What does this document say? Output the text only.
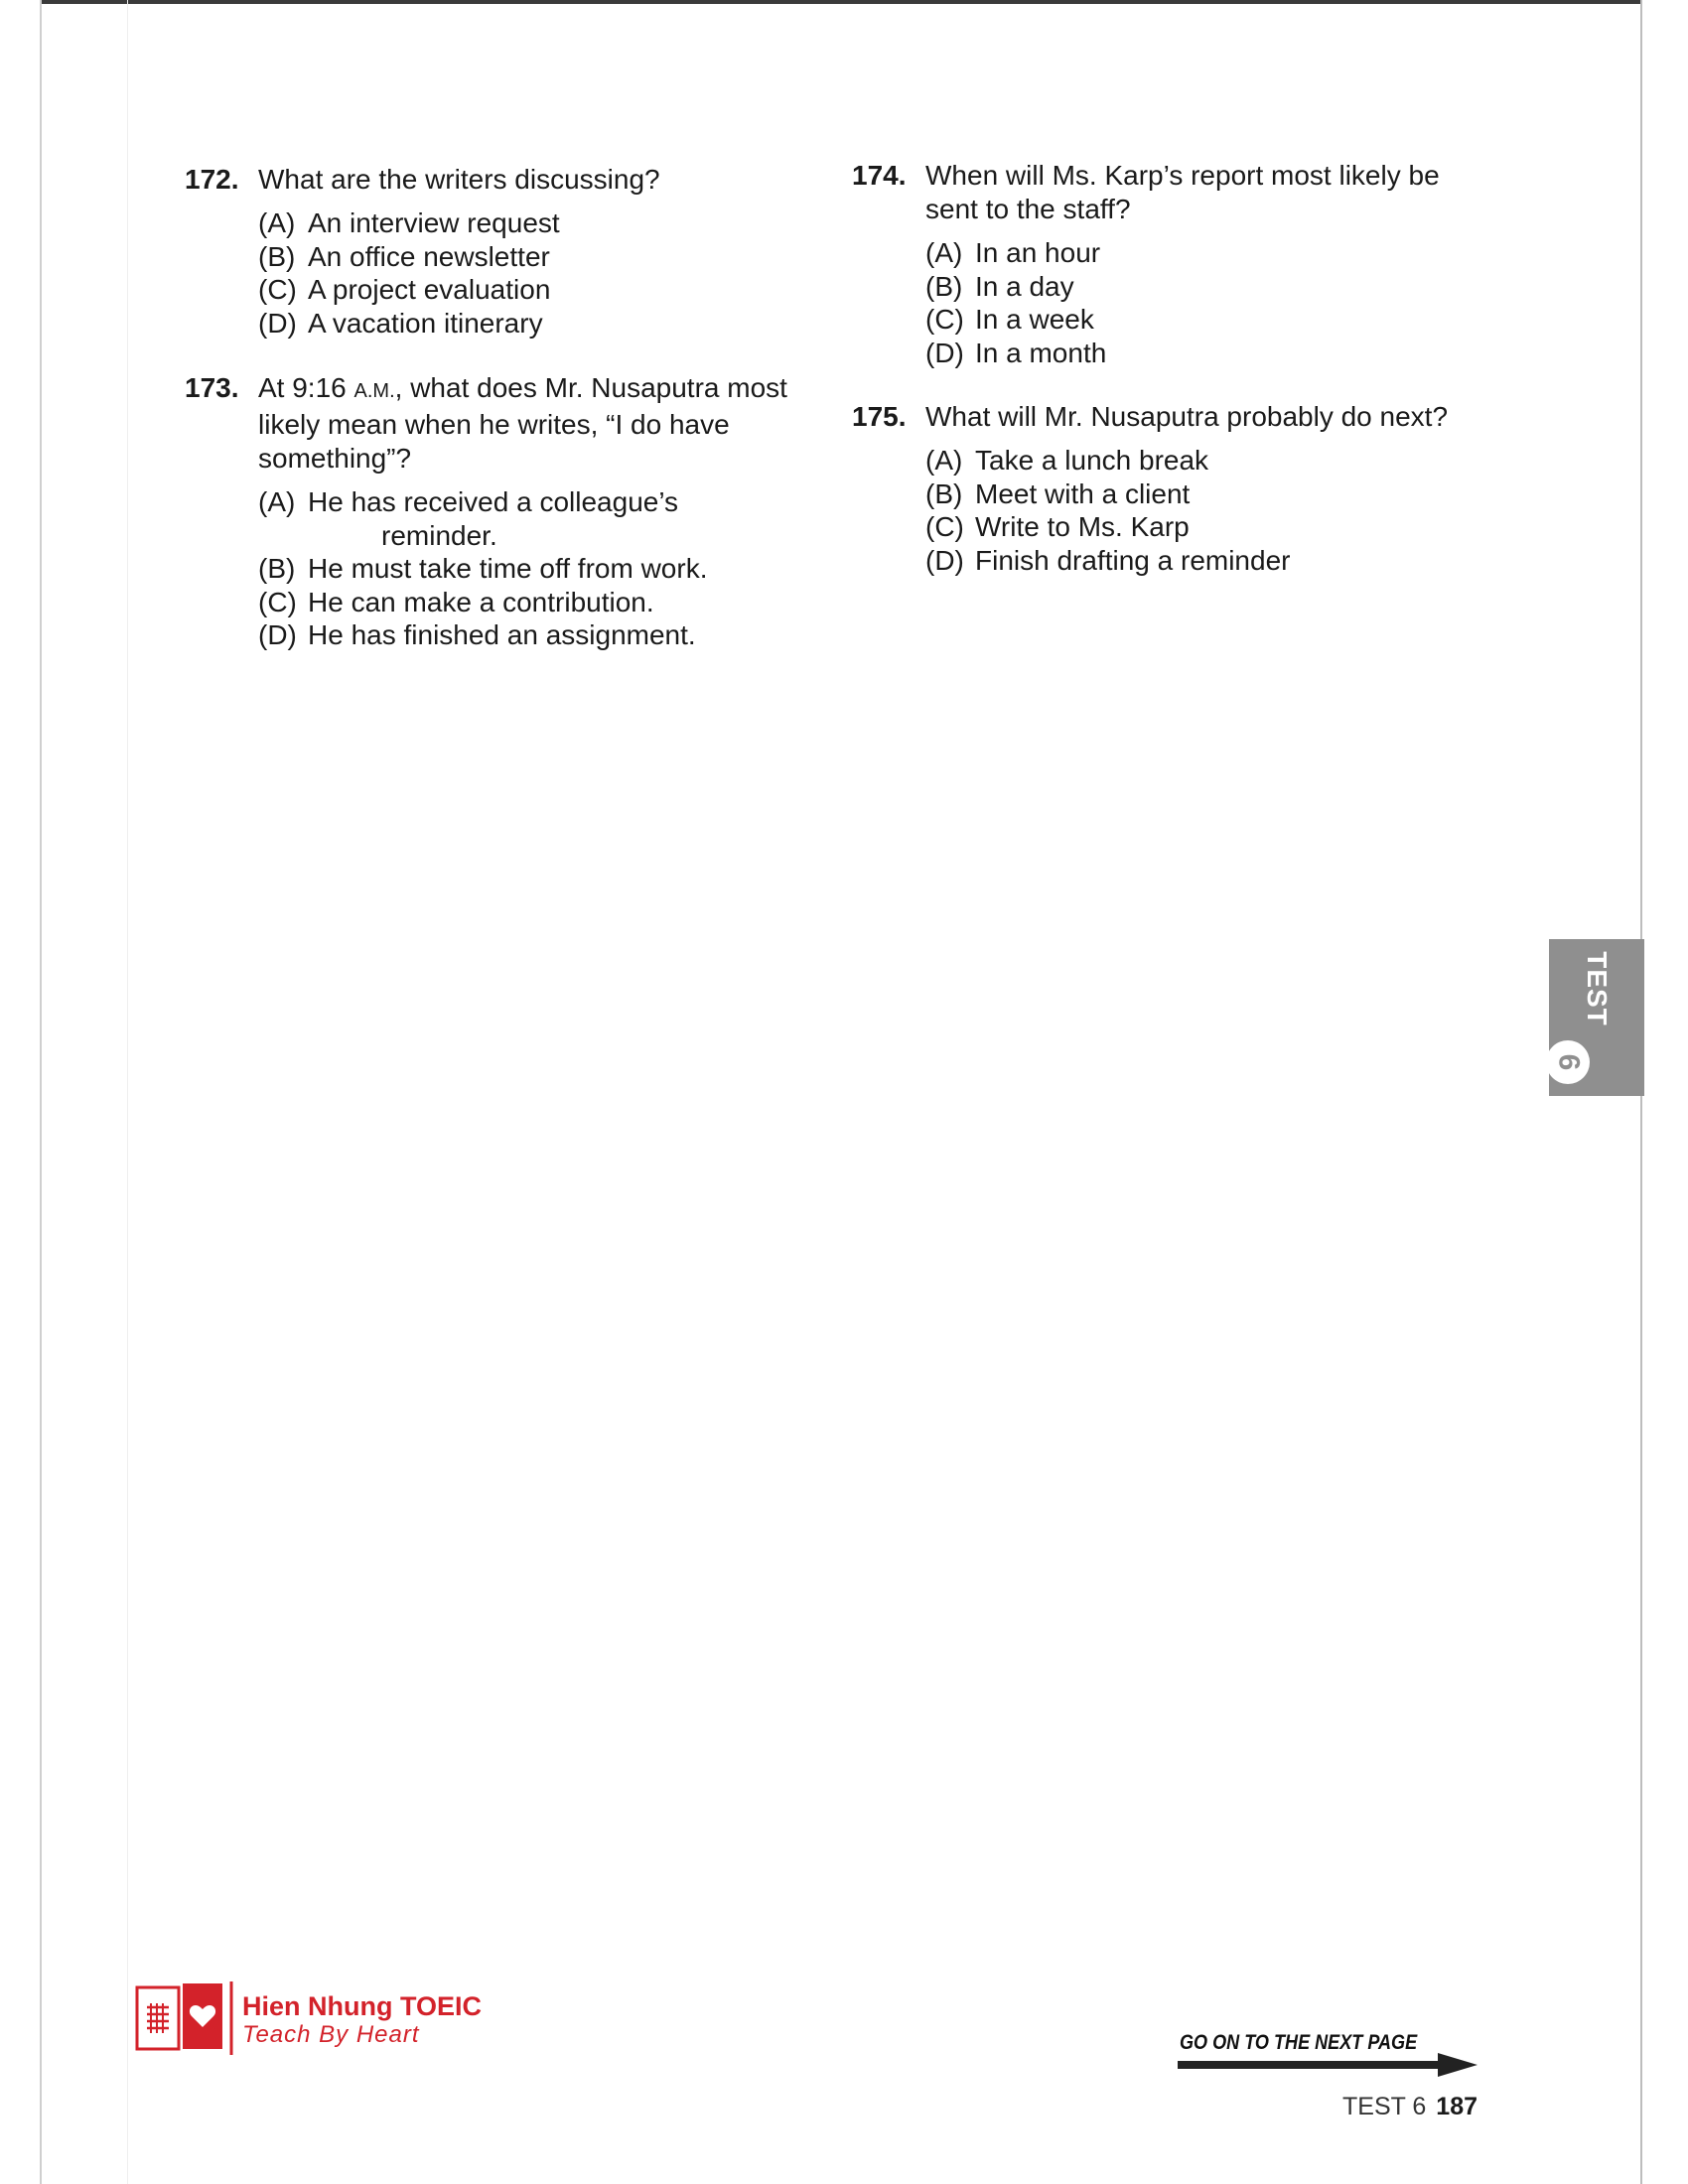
172. What are the writers discussing?
(A) An interview request
(B) An office newsletter
(C) A project evaluation
(D) A vacation itinerary
173. At 9:16 A.M., what does Mr. Nusaputra most likely mean when he writes, “I do have something”?
(A) He has received a colleague’s
reminder.
(B) He must take time off from work.
(C) He can make a contribution.
(D) He has finished an assignment.
174. When will Ms. Karp’s report most likely be sent to the staff?
(A) In an hour
(B) In a day
(C) In a week
(D) In a month
175. What will Mr. Nusaputra probably do next?
(A) Take a lunch break
(B) Meet with a client
(C) Write to Ms. Karp
(D) Finish drafting a reminder
TEST
6
Hien Nhung TOEIC
Teach By Heart	GO ON TO THE NEXT PAGE
TEST 6 187
